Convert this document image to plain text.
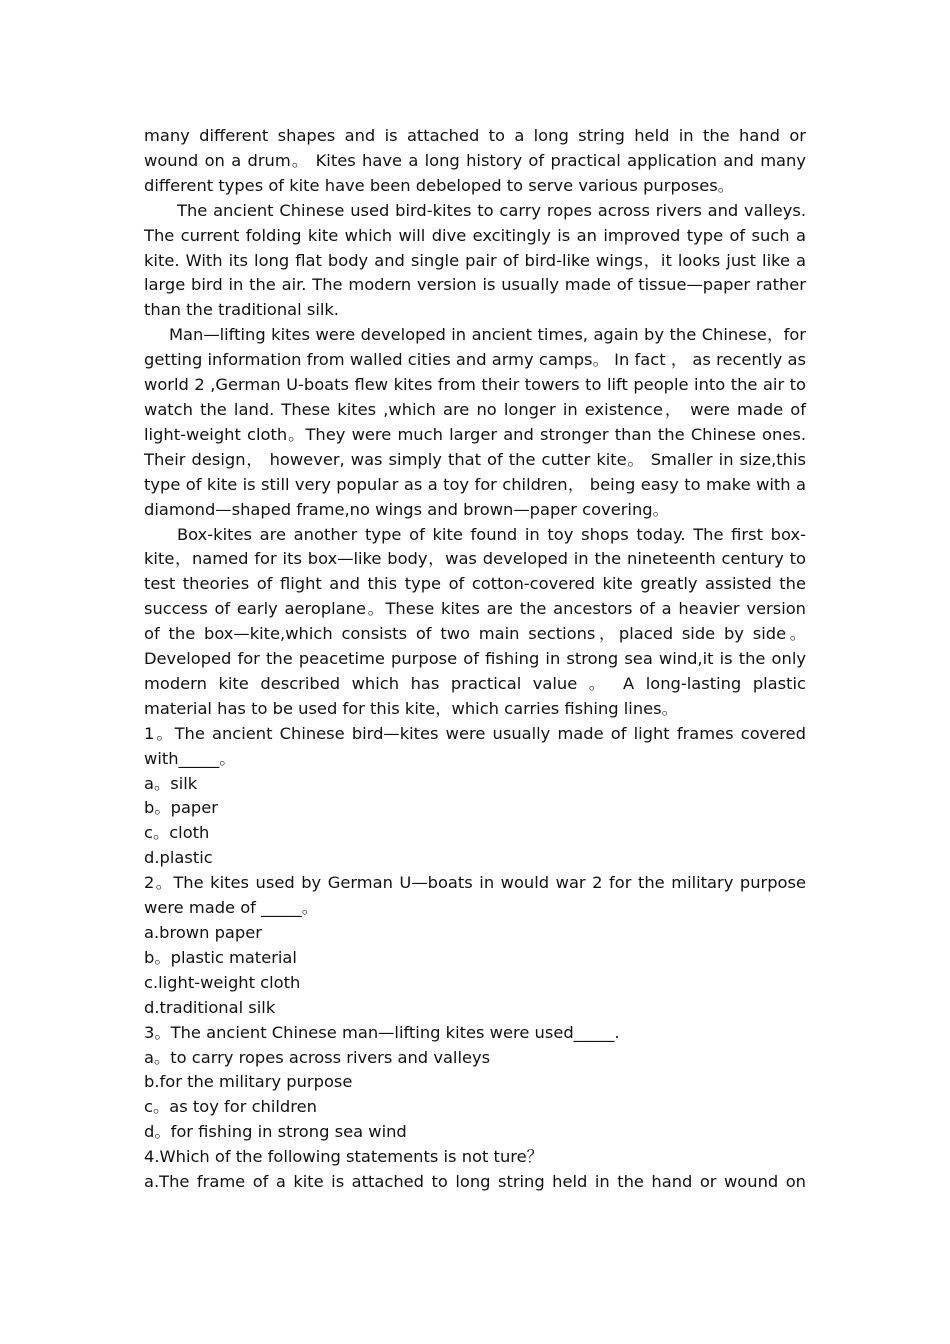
many different shapes and is attached to a long string held in the hand or wound on a drum。 Kites have a long history of practical application and many different types of kite have been debeloped to serve various purposes。

The ancient Chinese used bird-kites to carry ropes across rivers and valleys. The current folding kite which will dive excitingly is an improved type of such a kite. With its long flat body and single pair of bird-like wings，it looks just like a large bird in the air. The modern version is usually made of tissue—paper rather than the traditional silk.

Man—lifting kites were developed in ancient times, again by the Chinese，for getting information from walled cities and army camps。 In fact ， as recently as world 2 ,German U-boats flew kites from their towers to lift people into the air to watch the land. These kites ,which are no longer in existence， were made of light-weight cloth。They were much larger and stronger than the Chinese ones. Their design， however, was simply that of the cutter kite。 Smaller in size,this type of kite is still very popular as a toy for children， being easy to make with a diamond—shaped frame,no wings and brown—paper covering。

Box-kites are another type of kite found in toy shops today. The first box-kite，named for its box—like body，was developed in the nineteenth century to test theories of flight and this type of cotton-covered kite greatly assisted the success of early aeroplane。These kites are the ancestors of a heavier version of the box—kite,which consists of two main sections，placed side by side。 Developed for the peacetime purpose of fishing in strong sea wind,it is the only modern kite described which has practical value 。 A long-lasting plastic material has to be used for this kite，which carries fishing lines。

1。The ancient Chinese bird—kites were usually made of light frames covered with_____。

a。silk

b。paper

c。cloth

d.plastic

2。The kites used by German U—boats in would war 2 for the military purpose were made of _____。

a.brown paper

b。plastic material

c.light-weight cloth

d.traditional silk

3。The ancient Chinese man—lifting kites were used_____.

a。to carry ropes across rivers and valleys

b.for the military purpose

c。as toy for children

d。for fishing in strong sea wind

4.Which of the following statements is not ture？

a.The frame of a kite is attached to long string held in the hand or wound on
